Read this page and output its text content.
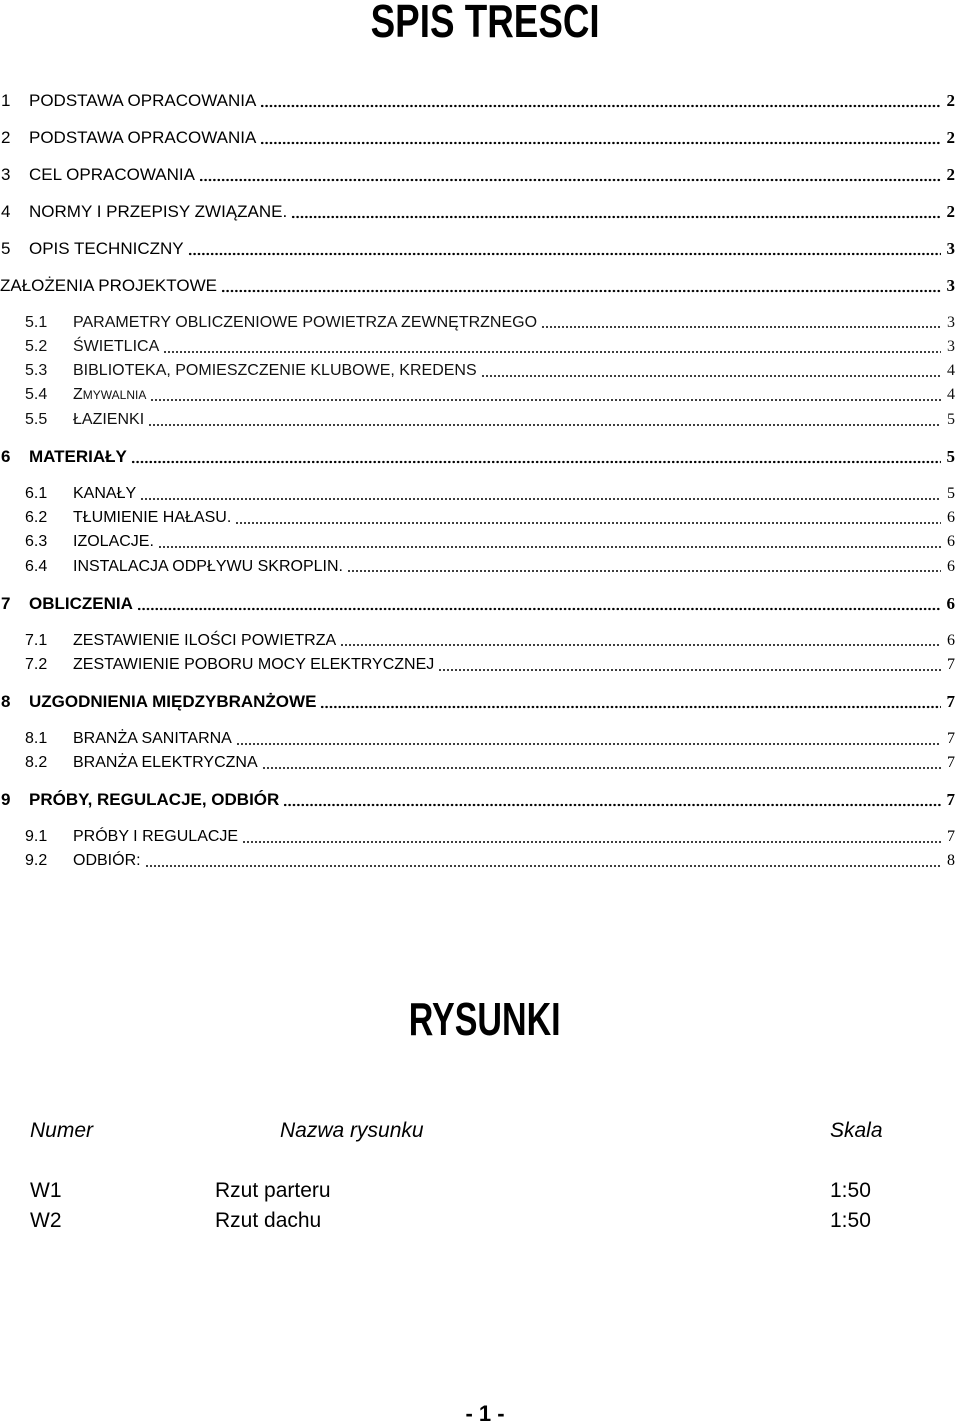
SPIS TRESCI
1	PODSTAWA OPRACOWANIA	2
2	PODSTAWA OPRACOWANIA	2
3	CEL OPRACOWANIA	2
4	NORMY I PRZEPISY ZWIĄZANE.	2
5	OPIS TECHNICZNY	3
ZAŁOŻENIA PROJEKTOWE	3
5.1	PARAMETRY OBLICZENIOWE POWIETRZA ZEWNĘTRZNEGO	3
5.2	ŚWIETLICA	3
5.3	BIBLIOTEKA, POMIESZCZENIE KLUBOWE, KREDENS	4
5.4	ZMYWALNIA	4
5.5	ŁAZIENKI	5
6	MATERIAŁY	5
6.1	KANAŁY	5
6.2	TŁUMIENIE HAŁASU.	6
6.3	IZOLACJE.	6
6.4	INSTALACJA ODPŁYWU SKROPLIN.	6
7	OBLICZENIA	6
7.1	ZESTAWIENIE ILOŚCI POWIETRZA	6
7.2	ZESTAWIENIE POBORU MOCY ELEKTRYCZNEJ	7
8	UZGODNIENIA MIĘDZYBRANŻOWE	7
8.1	BRANŻA SANITARNA	7
8.2	BRANŻA ELEKTRYCZNA	7
9	PRÓBY, REGULACJE, ODBIÓR	7
9.1	PRÓBY I REGULACJE	7
9.2	ODBIÓR:	8
RYSUNKI
Numer	Nazwa rysunku	Skala
W1	Rzut parteru	1:50
W2	Rzut dachu	1:50
- 1 -
